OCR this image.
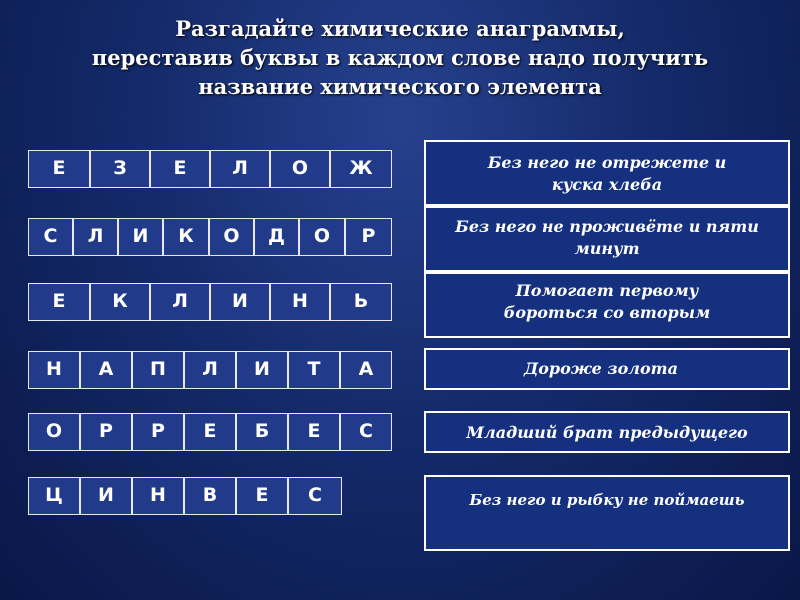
Разгадайте химические анаграммы,
переставив буквы в каждом слове надо получить
название химического элемента
Е	З	Е	Л	О	Ж
С	Л	И	К	О	Д	О	Р
Е	К	Л	И	Н	Ь
Н	А	П	Л	И	Т	А
О	Р	Р	Е	Б	Е	С
Ц	И	Н	В	Е	С
Без него не отрежете и куска хлеба
Без него не проживёте и пяти минут
Помогает первому бороться со вторым
Дороже золота
Младший брат предыдущего
Без него и рыбку не поймаешь
